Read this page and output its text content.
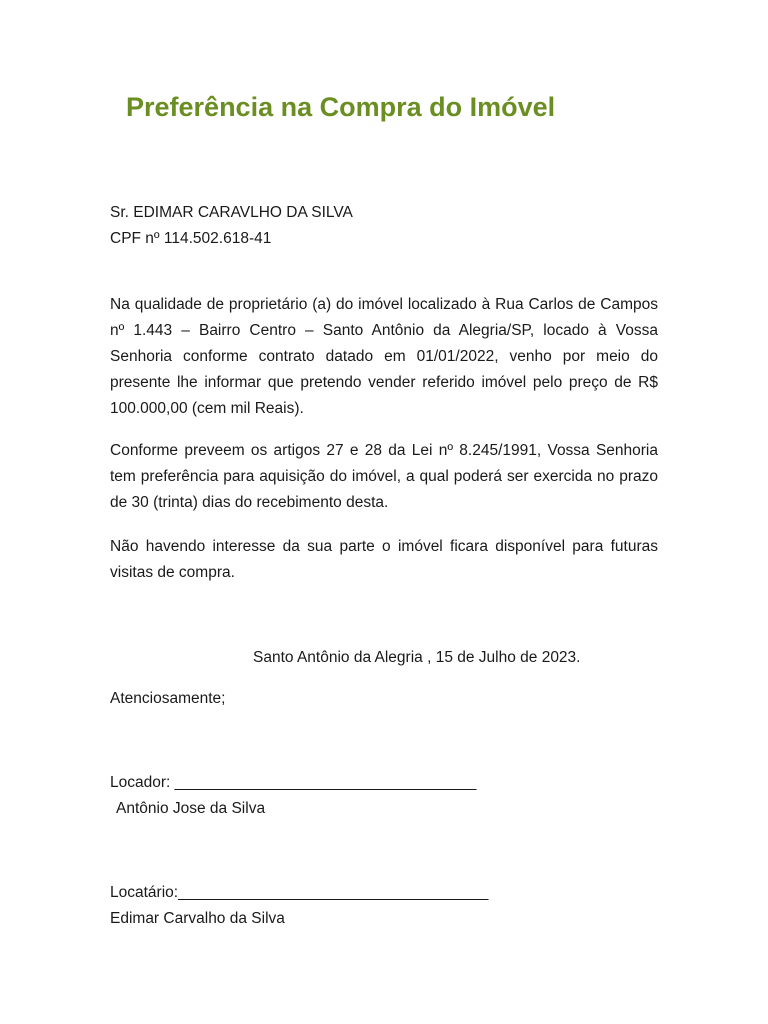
Preferência na Compra do Imóvel
Sr. EDIMAR CARAVLHO DA SILVA
CPF nº 114.502.618-41

Na qualidade de proprietário (a) do imóvel localizado à Rua Carlos de Campos nº 1.443 – Bairro Centro – Santo Antônio da Alegria/SP, locado à Vossa Senhoria conforme contrato datado em 01/01/2022, venho por meio do presente lhe informar que pretendo vender referido imóvel pelo preço de R$ 100.000,00 (cem mil Reais).

Conforme preveem os artigos 27 e 28 da Lei nº 8.245/1991, Vossa Senhoria tem preferência para aquisição do imóvel, a qual poderá ser exercida no prazo de 30 (trinta) dias do recebimento desta.

Não havendo interesse da sua parte o imóvel ficara disponível para futuras visitas de compra.

Santo Antônio da Alegria , 15 de Julho de 2023.

Atenciosamente;

Locador: ___________________________________
Antônio Jose da Silva
Locatário:____________________________________
Edimar Carvalho da Silva
